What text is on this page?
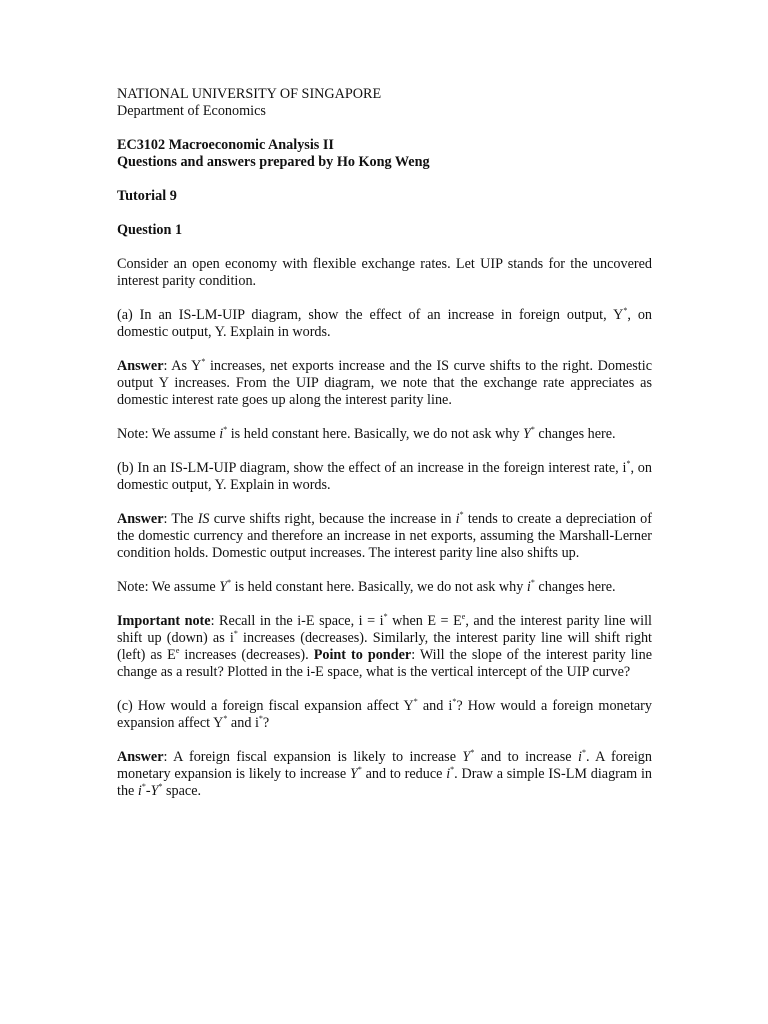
NATIONAL UNIVERSITY OF SINGAPORE
Department of Economics
EC3102 Macroeconomic Analysis II
Questions and answers prepared by Ho Kong Weng
Tutorial 9
Question 1

Consider an open economy with flexible exchange rates. Let UIP stands for the uncovered interest parity condition.

(a) In an IS-LM-UIP diagram, show the effect of an increase in foreign output, Y*, on domestic output, Y. Explain in words.

Answer: As Y* increases, net exports increase and the IS curve shifts to the right. Domestic output Y increases. From the UIP diagram, we note that the exchange rate appreciates as domestic interest rate goes up along the interest parity line.

Note: We assume i* is held constant here. Basically, we do not ask why Y* changes here.

(b) In an IS-LM-UIP diagram, show the effect of an increase in the foreign interest rate, i*, on domestic output, Y. Explain in words.

Answer: The IS curve shifts right, because the increase in i* tends to create a depreciation of the domestic currency and therefore an increase in net exports, assuming the Marshall-Lerner condition holds. Domestic output increases. The interest parity line also shifts up.

Note: We assume Y* is held constant here. Basically, we do not ask why i* changes here.

Important note: Recall in the i-E space, i = i* when $E = E^e$, and the interest parity line will shift up (down) as i* increases (decreases). Similarly, the interest parity line will shift right (left) as $E^e$ increases (decreases). Point to ponder: Will the slope of the interest parity line change as a result? Plotted in the i-E space, what is the vertical intercept of the UIP curve?

(c) How would a foreign fiscal expansion affect Y* and i*? How would a foreign monetary expansion affect Y* and i*?

Answer: A foreign fiscal expansion is likely to increase Y* and to increase i*. A foreign monetary expansion is likely to increase Y* and to reduce i*. Draw a simple IS-LM diagram in the i*-Y* space.
